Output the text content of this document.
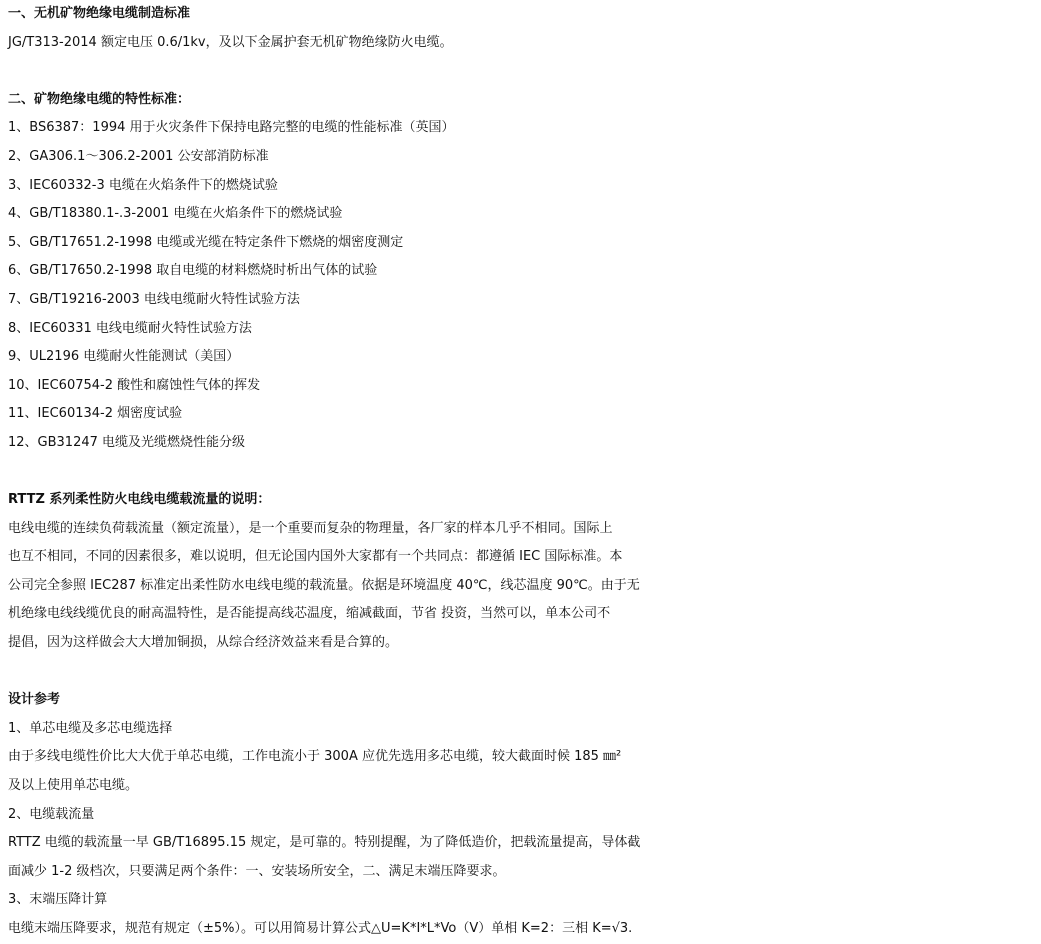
一、无机矿物绝缘电缆制造标准
JG/T313-2014 额定电压 0.6/1kv，及以下金属护套无机矿物绝缘防火电缆。
二、矿物绝缘电缆的特性标准：
1、BS6387：1994 用于火灾条件下保持电路完整的电缆的性能标准（英国）
2、GA306.1～306.2-2001 公安部消防标准
3、IEC60332-3 电缆在火焰条件下的燃烧试验
4、GB/T18380.1-.3-2001 电缆在火焰条件下的燃烧试验
5、GB/T17651.2-1998 电缆或光缆在特定条件下燃烧的烟密度测定
6、GB/T17650.2-1998 取自电缆的材料燃烧时析出气体的试验
7、GB/T19216-2003 电线电缆耐火特性试验方法
8、IEC60331 电线电缆耐火特性试验方法
9、UL2196 电缆耐火性能测试（美国）
10、IEC60754-2 酸性和腐蚀性气体的挥发
11、IEC60134-2 烟密度试验
12、GB31247 电缆及光缆燃烧性能分级
RTTZ 系列柔性防火电线电缆载流量的说明：
电线电缆的连续负荷载流量（额定流量），是一个重要而复杂的物理量，各厂家的样本几乎不相同。国际上
也互不相同，不同的因素很多，难以说明，但无论国内国外大家都有一个共同点：都遵循 IEC 国际标准。本
公司完全参照 IEC287 标准定出柔性防水电线电缆的载流量。依据是环境温度 40℃，线芯温度 90℃。由于无
机绝缘电线线缆优良的耐高温特性，是否能提高线芯温度，缩减截面，节省 投资，当然可以，单本公司不
提倡，因为这样做会大大增加铜损，从综合经济效益来看是合算的。
设计参考
1、单芯电缆及多芯电缆选择
由于多线电缆性价比大大优于单芯电缆，工作电流小于 300A 应优先选用多芯电缆，较大截面时候 185 ㎜²
及以上使用单芯电缆。
2、电缆载流量
RTTZ 电缆的载流量一早 GB/T16895.15 规定，是可靠的。特别提醒，为了降低造价，把载流量提高，导体截
面减少 1-2 级档次，只要满足两个条件：一、安装场所安全，二、满足末端压降要求。
3、末端压降计算
电缆末端压降要求，规范有规定（±5%）。可以用简易计算公式△U=K*I*L*Vo（V）单相 K=2：三相 K=√3.
